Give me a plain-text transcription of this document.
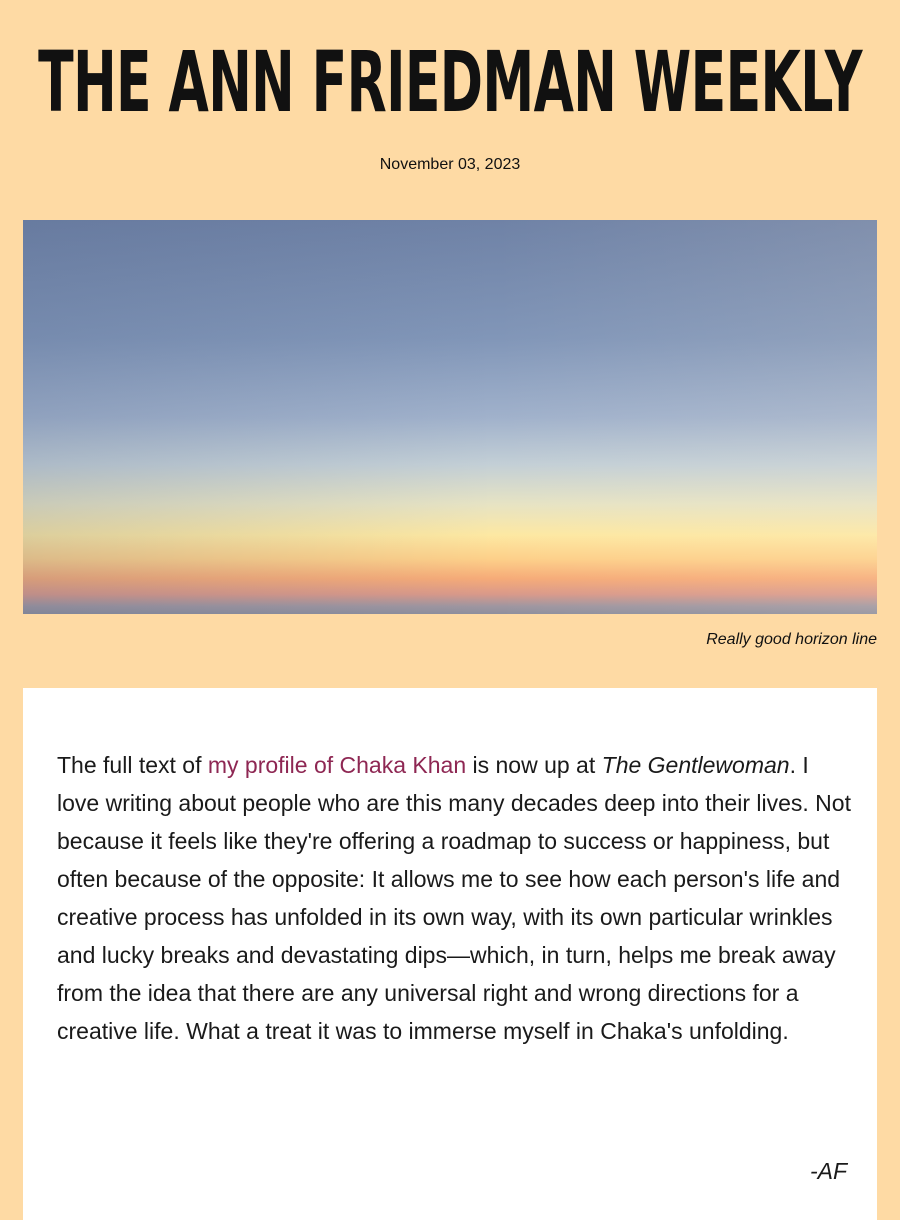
THE ANN FRIEDMAN WEEKLY
November 03, 2023
Really good horizon line

The full text of my profile of Chaka Khan is now up at The Gentlewoman. I love writing about people who are this many decades deep into their lives. Not because it feels like they're offering a roadmap to success or happiness, but often because of the opposite: It allows me to see how each person's life and creative process has unfolded in its own way, with its own particular wrinkles and lucky breaks and devastating dips—which, in turn, helps me break away from the idea that there are any universal right and wrong directions for a creative life. What a treat it was to immerse myself in Chaka's unfolding.

-AF
